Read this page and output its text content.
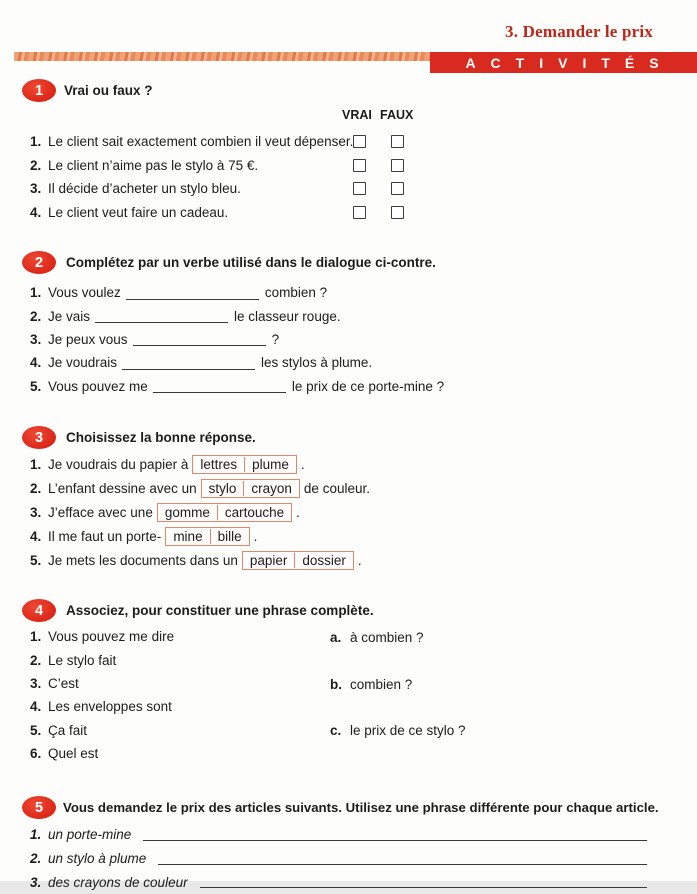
3. Demander le prix
ACTIVITÉS
1	Vrai ou faux ?
VRAI FAUX
1. Le client sait exactement combien il veut dépenser.
2. Le client n’aime pas le stylo à 75 €.
3. Il décide d’acheter un stylo bleu.
4. Le client veut faire un cadeau.
2	Complétez par un verbe utilisé dans le dialogue ci-contre.
1. Vous voulez	combien ?
2. Je vais	le classeur rouge.
3. Je peux vous	?
4. Je voudrais	les stylos à plume.
5. Vous pouvez me	le prix de ce porte-mine ?
3	Choisissez la bonne réponse.
1. Je voudrais du papier à lettres	plume .
2. L’enfant dessine avec un stylo	crayon de couleur.
3. J’efface avec une gomme	cartouche .
4. Il me faut un porte- mine	bille .
5. Je mets les documents dans un papier	dossier .
4	Associez, pour constituer une phrase complète.
1. Vous pouvez me dire
2. Le stylo fait
3. C’est
4. Les enveloppes sont
5. Ça fait
6. Quel est
a. à combien ?
b. combien ?
c. le prix de ce stylo ?
5	Vous demandez le prix des articles suivants. Utilisez une phrase différente pour chaque article.
1. un porte-mine
2. un stylo à plume
3. des crayons de couleur
